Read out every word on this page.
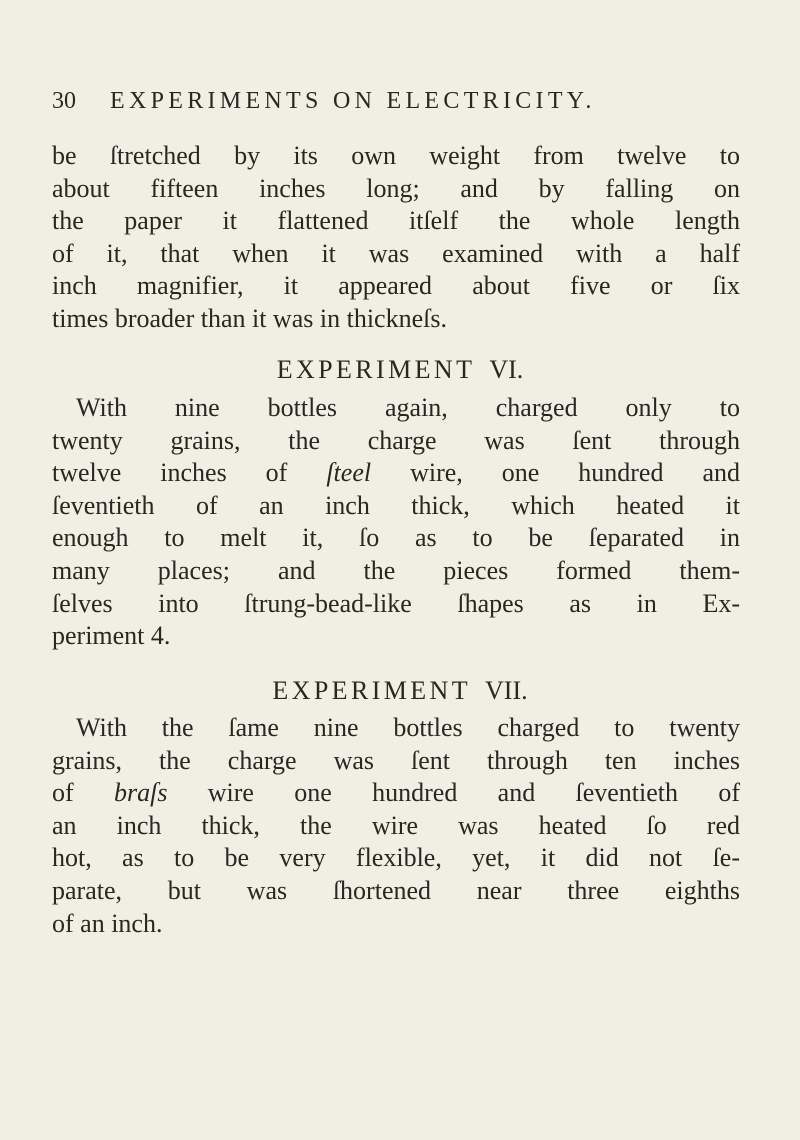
30 EXPERIMENTS ON ELECTRICITY.
be ſtretched by its own weight from twelve to
about fifteen inches long; and by falling on
the paper it flattened itſelf the whole length
of it, that when it was examined with a half
inch magnifier, it appeared about five or ſix
times broader than it was in thickneſs.
EXPERIMENT VI.
With nine bottles again, charged only to
twenty grains, the charge was ſent through
twelve inches of ſteel wire, one hundred and
ſeventieth of an inch thick, which heated it
enough to melt it, ſo as to be ſeparated in
many places; and the pieces formed them-
ſelves into ſtrung-bead-like ſhapes as in Ex-
periment 4.
EXPERIMENT VII.
With the ſame nine bottles charged to twenty
grains, the charge was ſent through ten inches
of braſs wire one hundred and ſeventieth of
an inch thick, the wire was heated ſo red
hot, as to be very flexible, yet, it did not ſe-
parate, but was ſhortened near three eighths
of an inch.
